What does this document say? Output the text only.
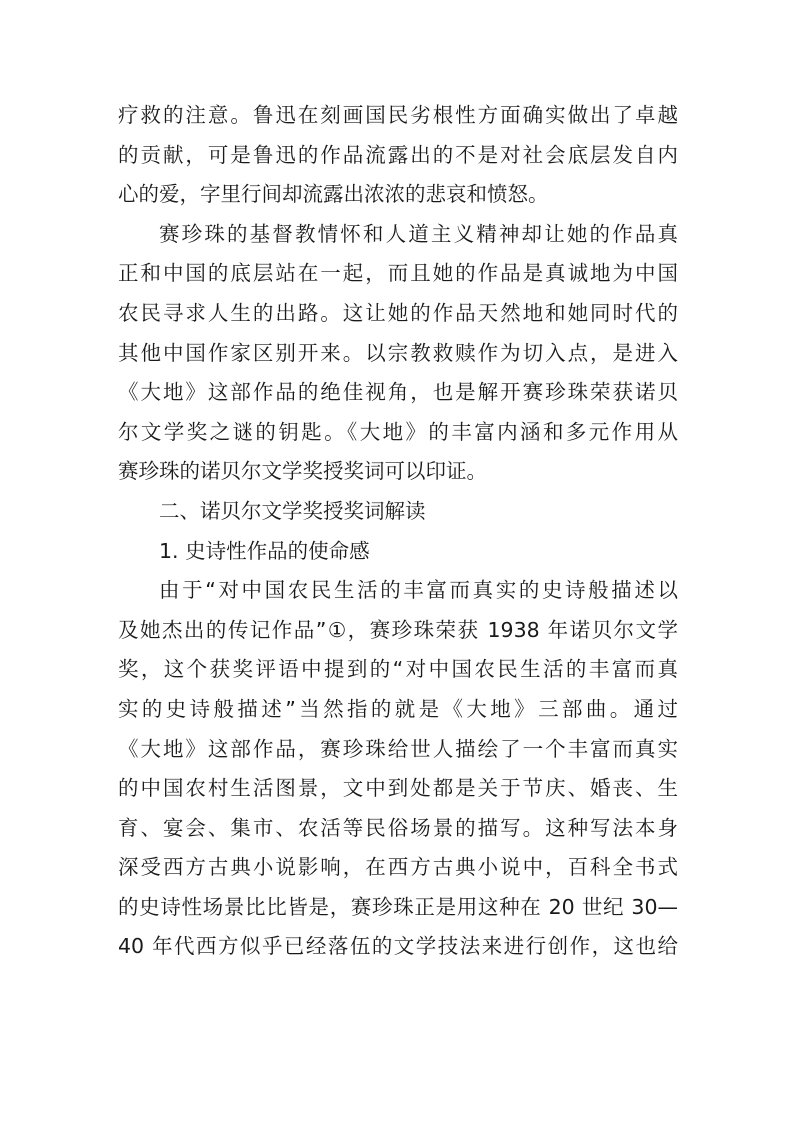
疗救的注意。鲁迅在刻画国民劣根性方面确实做出了卓越
的贡献，可是鲁迅的作品流露出的不是对社会底层发自内
心的爱，字里行间却流露出浓浓的悲哀和愤怒。

赛珍珠的基督教情怀和人道主义精神却让她的作品真
正和中国的底层站在一起，而且她的作品是真诚地为中国
农民寻求人生的出路。这让她的作品天然地和她同时代的
其他中国作家区别开来。以宗教救赎作为切入点，是进入
《大地》这部作品的绝佳视角，也是解开赛珍珠荣获诺贝
尔文学奖之谜的钥匙。《大地》的丰富内涵和多元作用从
赛珍珠的诺贝尔文学奖授奖词可以印证。

二、诺贝尔文学奖授奖词解读

1. 史诗性作品的使命感

由于“对中国农民生活的丰富而真实的史诗般描述以
及她杰出的传记作品”①，赛珍珠荣获 1938 年诺贝尔文学
奖，这个获奖评语中提到的“对中国农民生活的丰富而真
实的史诗般描述”当然指的就是《大地》三部曲。通过
《大地》这部作品，赛珍珠给世人描绘了一个丰富而真实
的中国农村生活图景，文中到处都是关于节庆、婚丧、生
育、宴会、集市、农活等民俗场景的描写。这种写法本身
深受西方古典小说影响，在西方古典小说中，百科全书式
的史诗性场景比比皆是，赛珍珠正是用这种在 20 世纪 30—
40 年代西方似乎已经落伍的文学技法来进行创作，这也给
